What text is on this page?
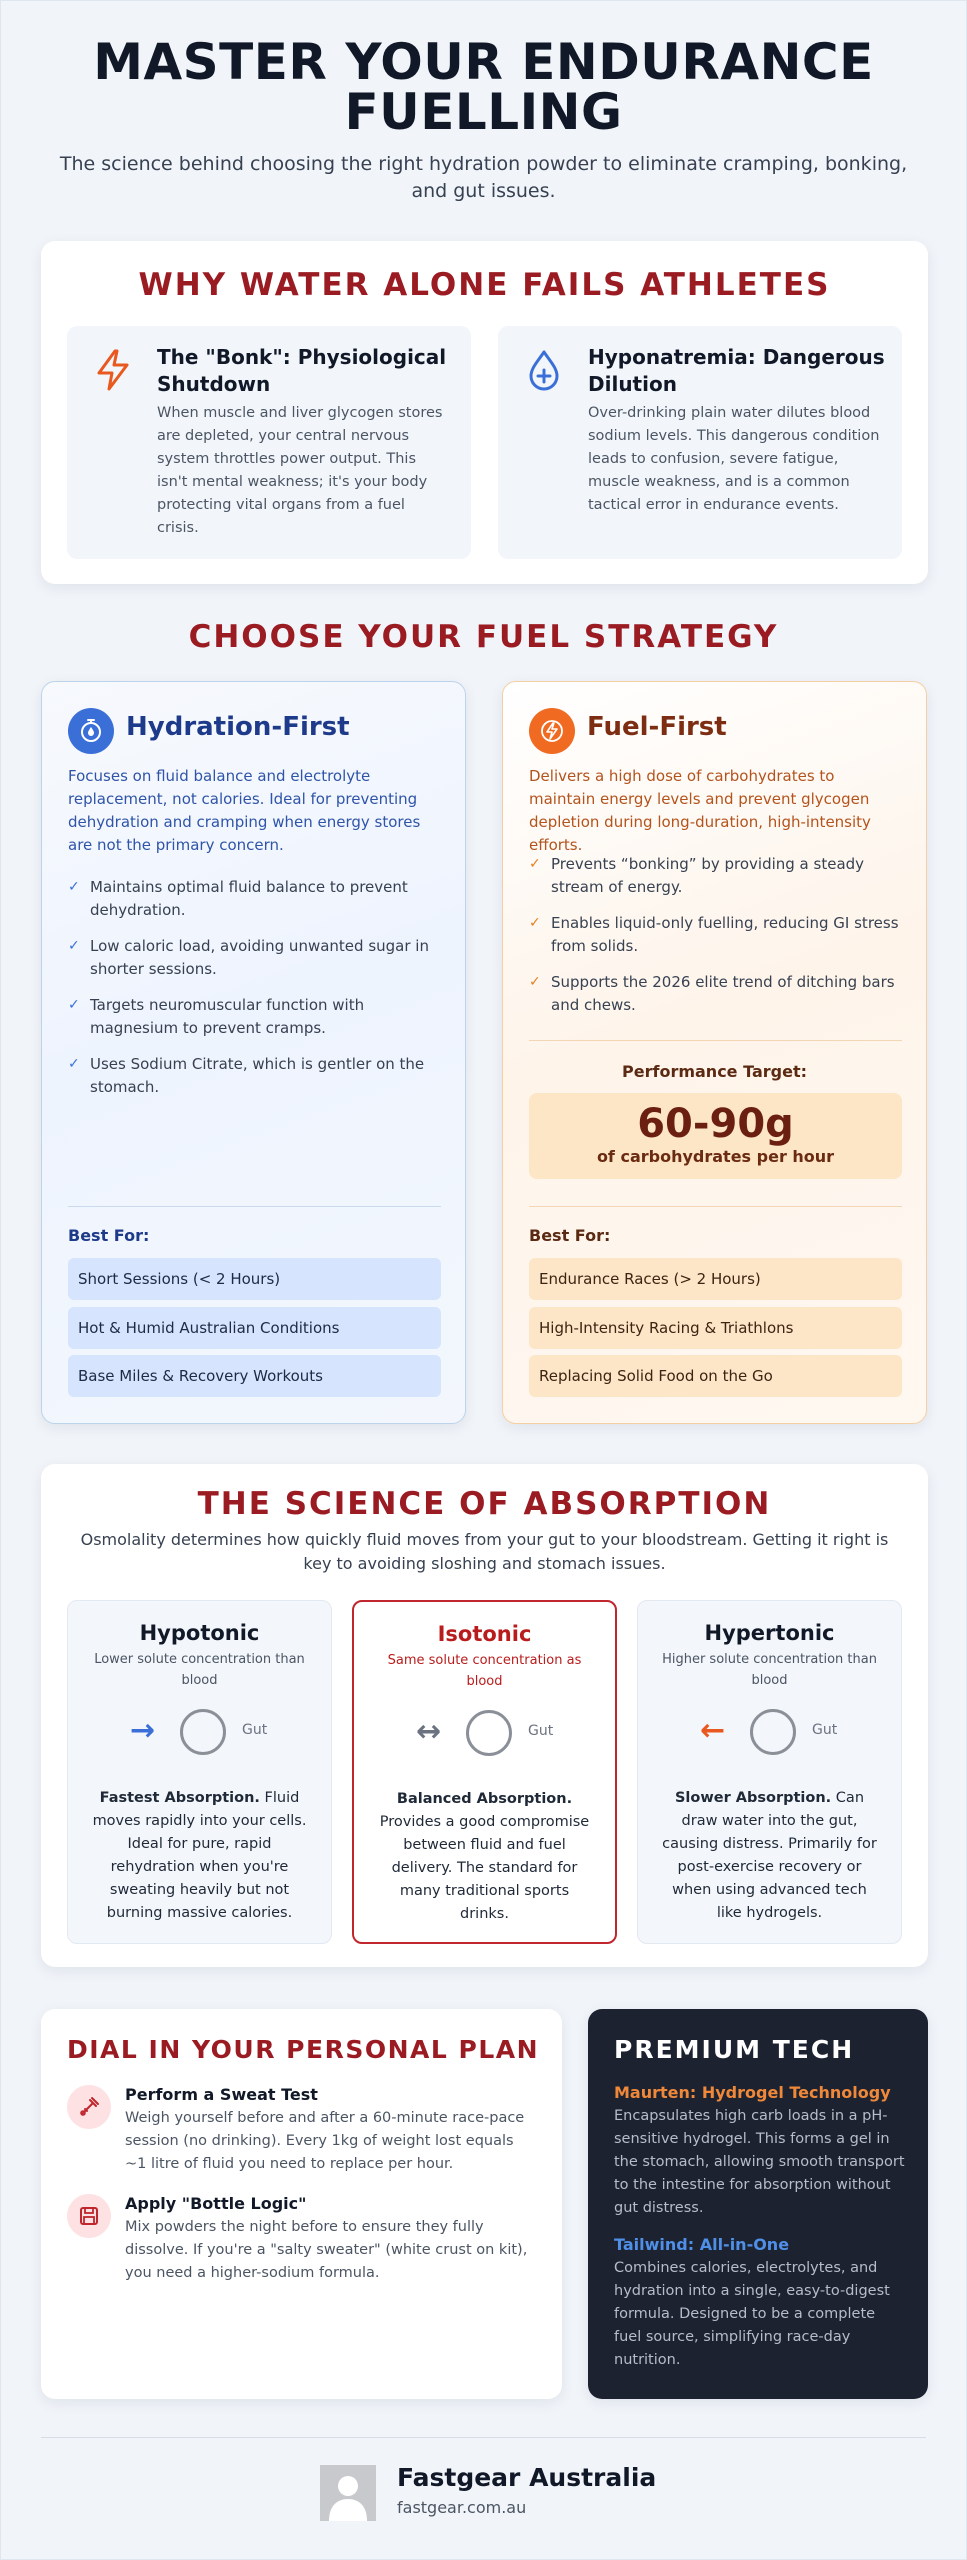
MASTER YOUR ENDURANCE FUELLING

The science behind choosing the right hydration powder to eliminate cramping, bonking, and gut issues.

WHY WATER ALONE FAILS ATHLETES
The "Bonk": Physiological Shutdown

When muscle and liver glycogen stores are depleted, your central nervous system throttles power output. This isn't mental weakness; it's your body protecting vital organs from a fuel crisis.

Hyponatremia: Dangerous Dilution

Over-drinking plain water dilutes blood sodium levels. This dangerous condition leads to confusion, severe fatigue, muscle weakness, and is a common tactical error in endurance events.

CHOOSE YOUR FUEL STRATEGY
Hydration-First

Focuses on fluid balance and electrolyte replacement, not calories. Ideal for preventing dehydration and cramping when energy stores are not the primary concern.

✓ Maintains optimal fluid balance to prevent dehydration.
✓ Low caloric load, avoiding unwanted sugar in shorter sessions.
✓ Targets neuromuscular function with magnesium to prevent cramps.
✓ Uses Sodium Citrate, which is gentler on the stomach.
Best For:
Short Sessions (< 2 Hours)
Hot & Humid Australian Conditions
Base Miles & Recovery Workouts
Fuel-First

Delivers a high dose of carbohydrates to maintain energy levels and prevent glycogen depletion during long-duration, high-intensity efforts.

✓ Prevents “bonking” by providing a steady stream of energy.
✓ Enables liquid-only fuelling, reducing GI stress from solids.
✓ Supports the 2026 elite trend of ditching bars and chews.
Performance Target:
60-90g
of carbohydrates per hour
Best For:
Endurance Races (> 2 Hours)
High-Intensity Racing & Triathlons
Replacing Solid Food on the Go
THE SCIENCE OF ABSORPTION

Osmolality determines how quickly fluid moves from your gut to your bloodstream. Getting it right is key to avoiding sloshing and stomach issues.

Hypotonic

Lower solute concentration than blood

→	Gut

Fastest Absorption. Fluid moves rapidly into your cells. Ideal for pure, rapid rehydration when you're sweating heavily but not burning massive calories.

Isotonic

Same solute concentration as blood

↔	Gut

Balanced Absorption. Provides a good compromise between fluid and fuel delivery. The standard for many traditional sports drinks.

Hypertonic

Higher solute concentration than blood

←	Gut

Slower Absorption. Can draw water into the gut, causing distress. Primarily for post-exercise recovery or when using advanced tech like hydrogels.

DIAL IN YOUR PERSONAL PLAN
Perform a Sweat Test

Weigh yourself before and after a 60-minute race-pace session (no drinking). Every 1kg of weight lost equals ~1 litre of fluid you need to replace per hour.

Apply "Bottle Logic"

Mix powders the night before to ensure they fully dissolve. If you're a "salty sweater" (white crust on kit), you need a higher-sodium formula.

PREMIUM TECH
Maurten: Hydrogel Technology

Encapsulates high carb loads in a pH-sensitive hydrogel. This forms a gel in the stomach, allowing smooth transport to the intestine for absorption without gut distress.

Tailwind: All-in-One

Combines calories, electrolytes, and hydration into a single, easy-to-digest formula. Designed to be a complete fuel source, simplifying race-day nutrition.

Fastgear Australia
fastgear.com.au
